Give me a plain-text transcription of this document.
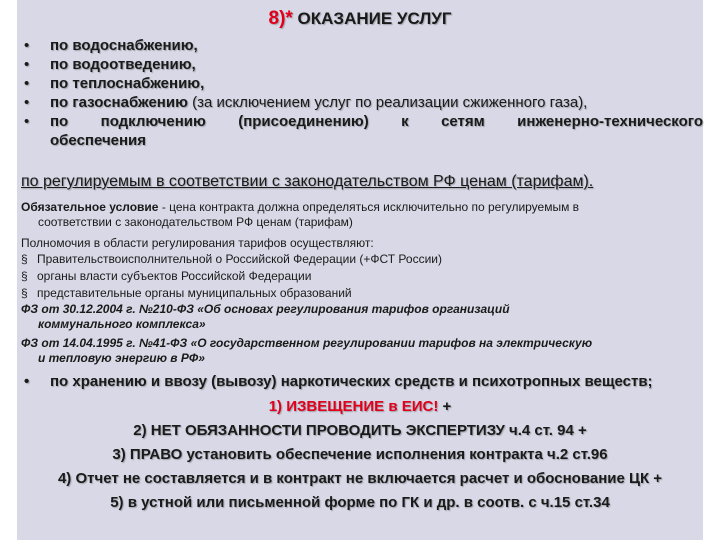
8)* ОКАЗАНИЕ УСЛУГ
• по водоснабжению,
• по водоотведению,
• по теплоснабжению,
• по газоснабжению (за исключением услуг по реализации сжиженного газа),
• по подключению (присоединению) к сетям инженерно-технического
обеспечения
по регулируемым в соответствии с законодательством РФ ценам (тарифам).
Обязательное условие - цена контракта должна определяться исключительно по регулируемым в
соответствии с законодательством РФ ценам (тарифам)
Полномочия в области регулирования тарифов осуществляют:
§ Правительствоисполнительной о Российской Федерации (+ФСТ России)
§ органы власти субъектов Российской Федерации
§ представительные органы муниципальных образований
ФЗ от 30.12.2004 г. №210-ФЗ «Об основах регулирования тарифов организаций
коммунального комплекса»
ФЗ от 14.04.1995 г. №41-ФЗ «О государственном регулировании тарифов на электрическую
и тепловую энергию в РФ»
• по хранению и ввозу (вывозу) наркотических средств и психотропных веществ;
1) ИЗВЕЩЕНИЕ в ЕИС! +
2) НЕТ ОБЯЗАННОСТИ ПРОВОДИТЬ ЭКСПЕРТИЗУ ч.4 ст. 94 +
3) ПРАВО установить обеспечение исполнения контракта ч.2 ст.96
4) Отчет не составляется и в контракт не включается расчет и обоснование ЦК +
5) в устной или письменной форме по ГК и др. в соотв. с ч.15 ст.34
